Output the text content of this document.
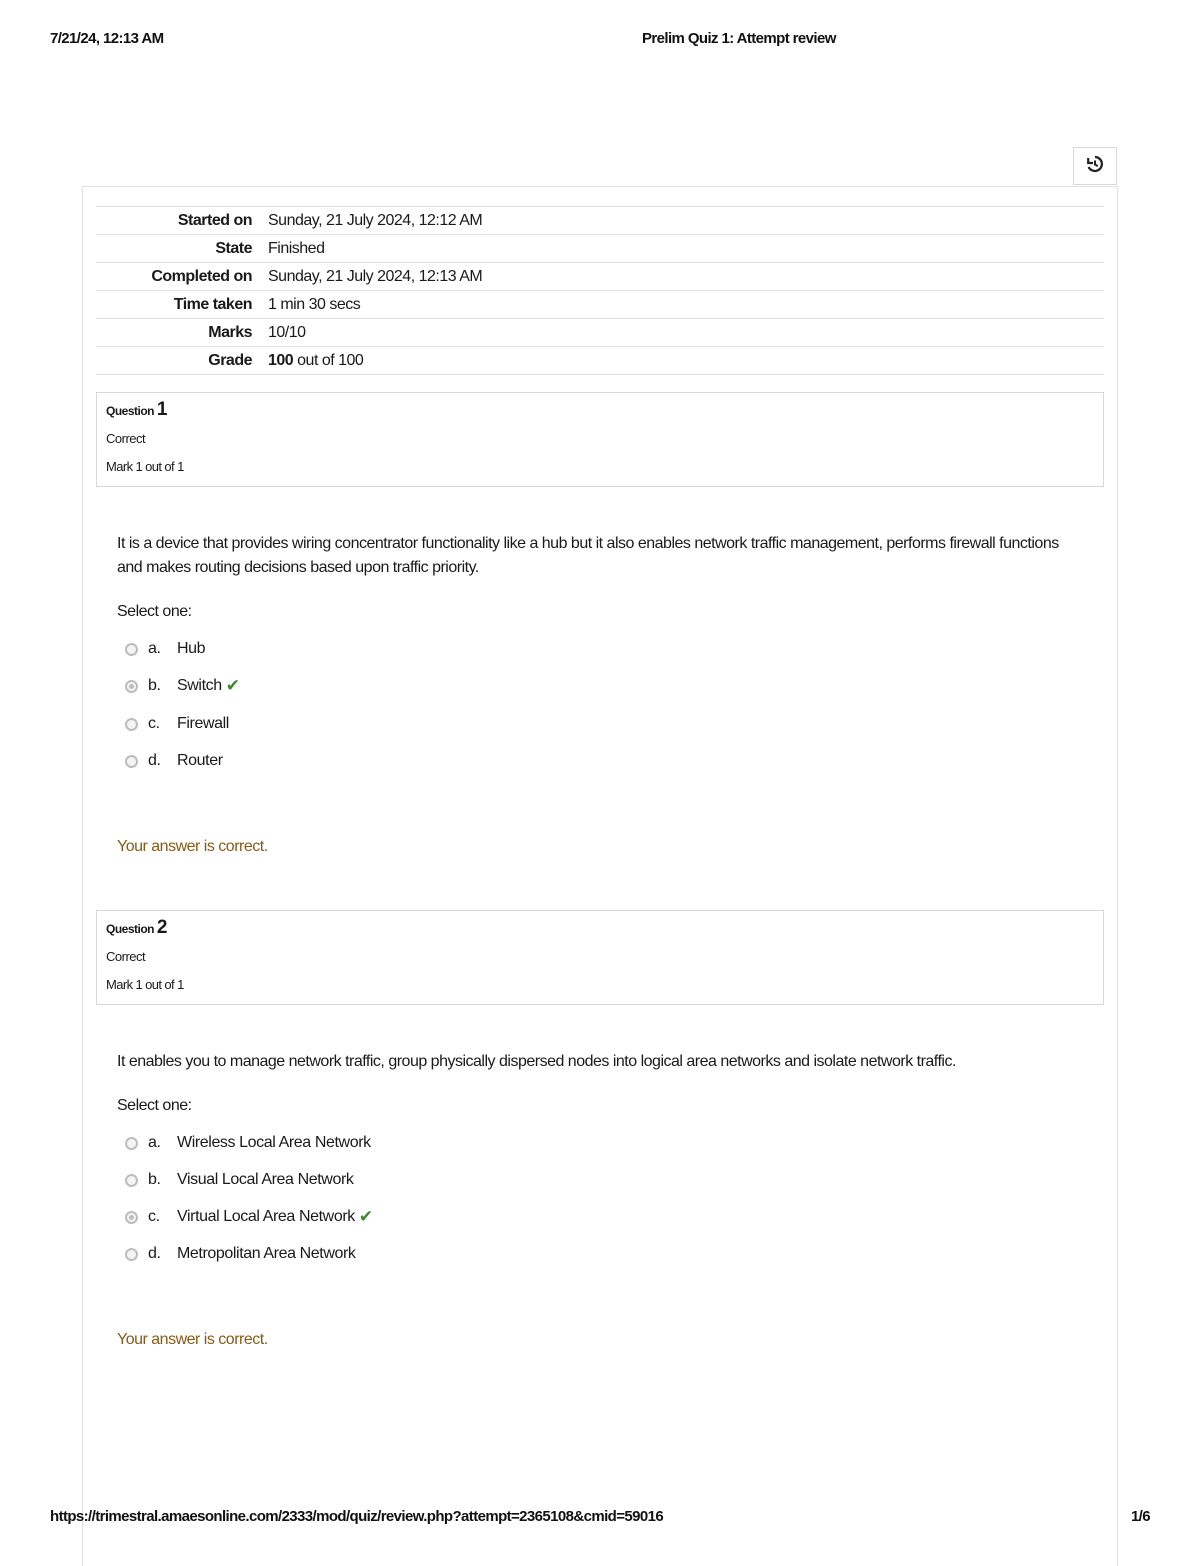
7/21/24, 12:13 AM	Prelim Quiz 1: Attempt review
Started on	Sunday, 21 July 2024, 12:12 AM
State	Finished
Completed on	Sunday, 21 July 2024, 12:13 AM
Time taken	1 min 30 secs
Marks	10/10
Grade	100 out of 100
Question 1
Correct
Mark 1 out of 1
It is a device that provides wiring concentrator functionality like a hub but it also enables network traffic management, performs firewall functions and makes routing decisions based upon traffic priority.
Select one:
a.	Hub
b.	Switch ✔
c.	Firewall
d.	Router
Your answer is correct.
Question 2
Correct
Mark 1 out of 1
It enables you to manage network traffic, group physically dispersed nodes into logical area networks and isolate network traffic.
Select one:
a.	Wireless Local Area Network
b.	Visual Local Area Network
c.	Virtual Local Area Network ✔
d.	Metropolitan Area Network
Your answer is correct.
https://trimestral.amaesonline.com/2333/mod/quiz/review.php?attempt=2365108&cmid=59016	1/6
